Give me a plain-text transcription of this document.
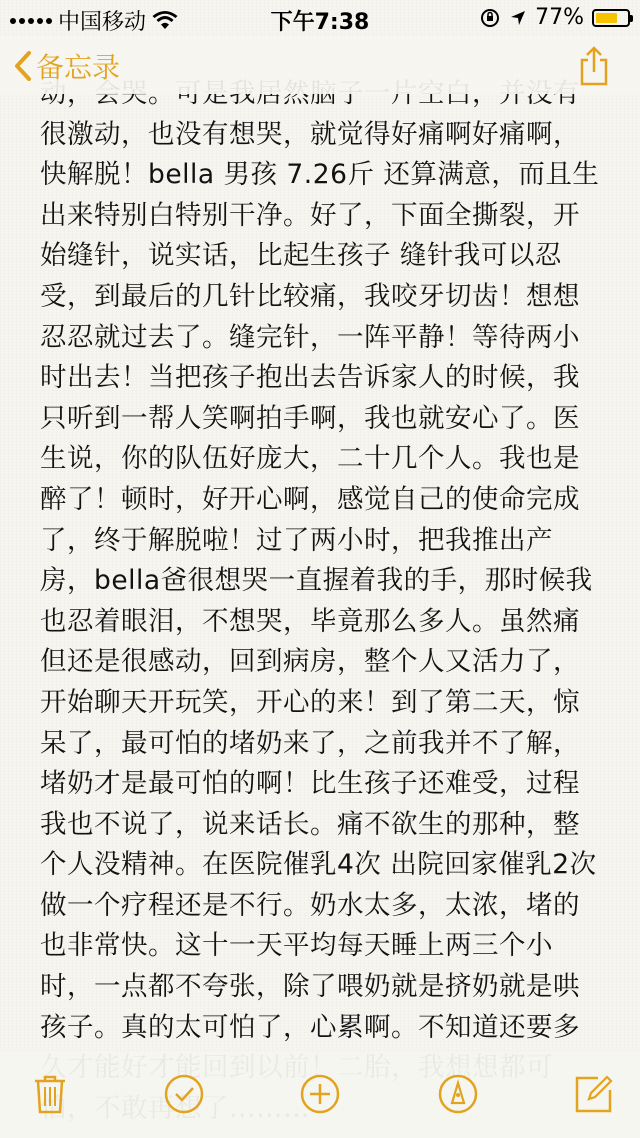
中国移动	下午7:38	77%
备忘录
很激动，也没有想哭，就觉得好痛啊好痛啊，快解脱！bella 男孩 7.26斤 还算满意，而且生出来特别白特别干净。好了，下面全撕裂，开始缝针，说实话，比起生孩子 缝针我可以忍受，到最后的几针比较痛，我咬牙切齿！想想忍忍就过去了。缝完针，一阵平静！等待两小时出去！当把孩子抱出去告诉家人的时候，我只听到一帮人笑啊拍手啊，我也就安心了。医生说，你的队伍好庞大，二十几个人。我也是醉了！顿时，好开心啊，感觉自己的使命完成了，终于解脱啦！过了两小时，把我推出产房，bella爸很想哭一直握着我的手，那时候我也忍着眼泪，不想哭，毕竟那么多人。虽然痛但还是很感动，回到病房，整个人又活力了，开始聊天开玩笑，开心的来！到了第二天，惊呆了，最可怕的堵奶来了，之前我并不了解，堵奶才是最可怕的啊！比生孩子还难受，过程我也不说了，说来话长。痛不欲生的那种，整个人没精神。在医院催乳4次 出院回家催乳2次 做一个疗程还是不行。奶水太多，太浓，堵的也非常快。这十一天平均每天睡上两三个小时，一点都不夸张，除了喂奶就是挤奶就是哄孩子。真的太可怕了，心累啊。不知道还要多
